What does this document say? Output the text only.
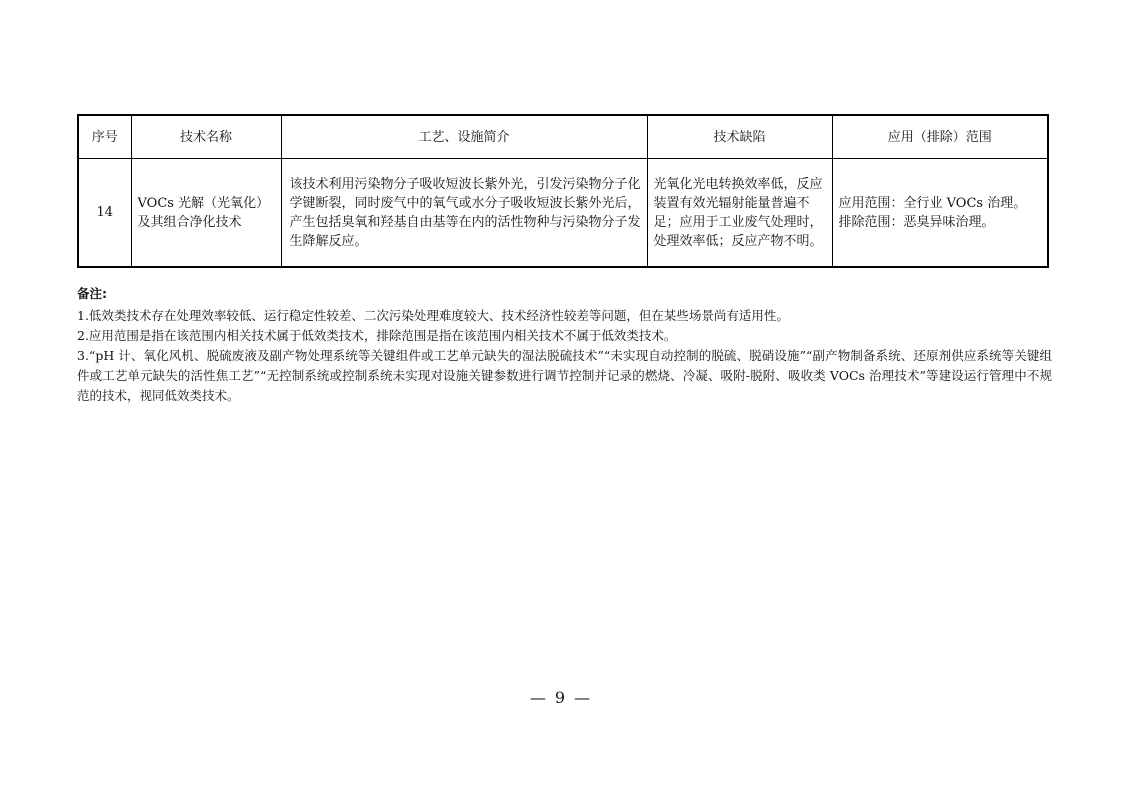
序号	技术名称	工艺、设施简介	技术缺陷	应用（排除）范围
14	VOCs 光解（光氧化）及其组合净化技术	该技术利用污染物分子吸收短波长紫外光，引发污染物分子化学键断裂，同时废气中的氧气或水分子吸收短波长紫外光后，产生包括臭氧和羟基自由基等在内的活性物种与污染物分子发生降解反应。	光氧化光电转换效率低，反应装置有效光辐射能量普遍不足；应用于工业废气处理时，处理效率低；反应产物不明。	应用范围：全行业 VOCs 治理。
排除范围：恶臭异味治理。
备注:

1.低效类技术存在处理效率较低、运行稳定性较差、二次污染处理难度较大、技术经济性较差等问题，但在某些场景尚有适用性。

2.应用范围是指在该范围内相关技术属于低效类技术，排除范围是指在该范围内相关技术不属于低效类技术。

3.“pH 计、氧化风机、脱硫废液及副产物处理系统等关键组件或工艺单元缺失的湿法脱硫技术”“未实现自动控制的脱硫、脱硝设施”“副产物制备系统、还原剂供应系统等关键组件或工艺单元缺失的活性焦工艺”“无控制系统或控制系统未实现对设施关键参数进行调节控制并记录的燃烧、冷凝、吸附-脱附、吸收类 VOCs 治理技术”等建设运行管理中不规范的技术，视同低效类技术。

— 9 —
